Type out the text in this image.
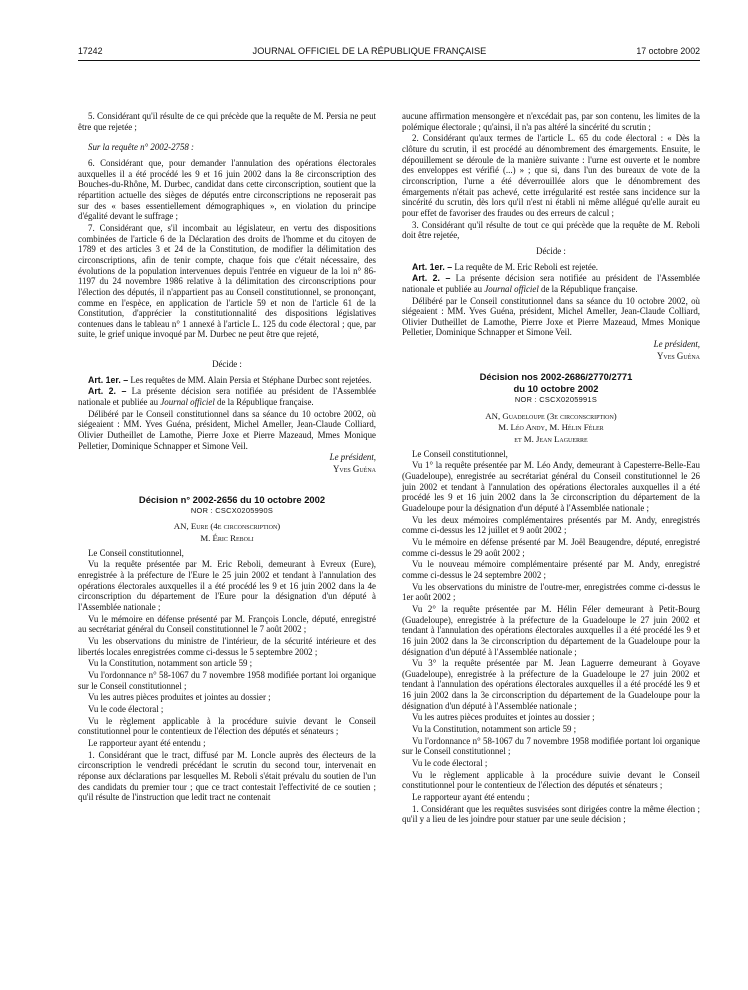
17242	JOURNAL OFFICIEL DE LA RÉPUBLIQUE FRANÇAISE	17 octobre 2002

5. Considérant qu'il résulte de ce qui précède que la requête de M. Persia ne peut être que rejetée ;

Sur la requête n° 2002-2758 :

6. Considérant que, pour demander l'annulation des opérations électorales auxquelles il a été procédé les 9 et 16 juin 2002 dans la 8e circonscription des Bouches-du-Rhône, M. Durbec, candidat dans cette circonscription, soutient que la répartition actuelle des sièges de députés entre circonscriptions ne reposerait pas sur des « bases essentiellement démographiques », en violation du principe d'égalité devant le suffrage ;

7. Considérant que, s'il incombait au législateur, en vertu des dispositions combinées de l'article 6 de la Déclaration des droits de l'homme et du citoyen de 1789 et des articles 3 et 24 de la Constitution, de modifier la délimitation des circonscriptions, afin de tenir compte, chaque fois que c'était nécessaire, des évolutions de la population intervenues depuis l'entrée en vigueur de la loi n° 86-1197 du 24 novembre 1986 relative à la délimitation des circonscriptions pour l'élection des députés, il n'appartient pas au Conseil constitutionnel, se prononçant, comme en l'espèce, en application de l'article 59 et non de l'article 61 de la Constitution, d'apprécier la constitutionnalité des dispositions législatives contenues dans le tableau n° 1 annexé à l'article L. 125 du code électoral ; que, par suite, le grief unique invoqué par M. Durbec ne peut être que rejeté,

Décide :

Art. 1er. – Les requêtes de MM. Alain Persia et Stéphane Durbec sont rejetées.

Art. 2. – La présente décision sera notifiée au président de l'Assemblée nationale et publiée au Journal officiel de la République française.

Délibéré par le Conseil constitutionnel dans sa séance du 10 octobre 2002, où siégeaient : MM. Yves Guéna, président, Michel Ameller, Jean-Claude Colliard, Olivier Dutheillet de Lamothe, Pierre Joxe et Pierre Mazeaud, Mmes Monique Pelletier, Dominique Schnapper et Simone Veil.

Le président,

Yves Guéna

Décision n° 2002-2656 du 10 octobre 2002

NOR : CSCX0205990S

AN, Eure (4e circonscription)

M. Éric Reboli

Le Conseil constitutionnel,

Vu la requête présentée par M. Eric Reboli, demeurant à Evreux (Eure), enregistrée à la préfecture de l'Eure le 25 juin 2002 et tendant à l'annulation des opérations électorales auxquelles il a été procédé les 9 et 16 juin 2002 dans la 4e circonscription du département de l'Eure pour la désignation d'un député à l'Assemblée nationale ;

Vu le mémoire en défense présenté par M. François Loncle, député, enregistré au secrétariat général du Conseil constitutionnel le 7 août 2002 ;

Vu les observations du ministre de l'intérieur, de la sécurité intérieure et des libertés locales enregistrées comme ci-dessus le 5 septembre 2002 ;

Vu la Constitution, notamment son article 59 ;

Vu l'ordonnance n° 58-1067 du 7 novembre 1958 modifiée portant loi organique sur le Conseil constitutionnel ;

Vu les autres pièces produites et jointes au dossier ;

Vu le code électoral ;

Vu le règlement applicable à la procédure suivie devant le Conseil constitutionnel pour le contentieux de l'élection des députés et sénateurs ;

Le rapporteur ayant été entendu ;

1. Considérant que le tract, diffusé par M. Loncle auprès des électeurs de la circonscription le vendredi précédant le scrutin du second tour, intervenait en réponse aux déclarations par lesquelles M. Reboli s'était prévalu du soutien de l'un des candidats du premier tour ; que ce tract contestait l'effectivité de ce soutien ; qu'il résulte de l'instruction que ledit tract ne contenait

aucune affirmation mensongère et n'excédait pas, par son contenu, les limites de la polémique électorale ; qu'ainsi, il n'a pas altéré la sincérité du scrutin ;

2. Considérant qu'aux termes de l'article L. 65 du code électoral : « Dès la clôture du scrutin, il est procédé au dénombrement des émargements. Ensuite, le dépouillement se déroule de la manière suivante : l'urne est ouverte et le nombre des enveloppes est vérifié (...) » ; que si, dans l'un des bureaux de vote de la circonscription, l'urne a été déverrouillée alors que le dénombrement des émargements n'était pas achevé, cette irrégularité est restée sans incidence sur la sincérité du scrutin, dès lors qu'il n'est ni établi ni même allégué qu'elle aurait eu pour effet de favoriser des fraudes ou des erreurs de calcul ;

3. Considérant qu'il résulte de tout ce qui précède que la requête de M. Reboli doit être rejetée,

Décide :

Art. 1er. – La requête de M. Eric Reboli est rejetée.

Art. 2. – La présente décision sera notifiée au président de l'Assemblée nationale et publiée au Journal officiel de la République française.

Délibéré par le Conseil constitutionnel dans sa séance du 10 octobre 2002, où siégeaient : MM. Yves Guéna, président, Michel Ameller, Jean-Claude Colliard, Olivier Dutheillet de Lamothe, Pierre Joxe et Pierre Mazeaud, Mmes Monique Pelletier, Dominique Schnapper et Simone Veil.

Le président,

Yves Guéna

Décision nos 2002-2686/2770/2771

du 10 octobre 2002

NOR : CSCX0205991S

AN, Guadeloupe (3e circonscription)

M. Léo Andy, M. Hélin Féler

et M. Jean Laguerre

Le Conseil constitutionnel,

Vu 1° la requête présentée par M. Léo Andy, demeurant à Capesterre-Belle-Eau (Guadeloupe), enregistrée au secrétariat général du Conseil constitutionnel le 26 juin 2002 et tendant à l'annulation des opérations électorales auxquelles il a été procédé les 9 et 16 juin 2002 dans la 3e circonscription du département de la Guadeloupe pour la désignation d'un député à l'Assemblée nationale ;

Vu les deux mémoires complémentaires présentés par M. Andy, enregistrés comme ci-dessus les 12 juillet et 9 août 2002 ;

Vu le mémoire en défense présenté par M. Joël Beaugendre, député, enregistré comme ci-dessus le 29 août 2002 ;

Vu le nouveau mémoire complémentaire présenté par M. Andy, enregistré comme ci-dessus le 24 septembre 2002 ;

Vu les observations du ministre de l'outre-mer, enregistrées comme ci-dessus le 1er août 2002 ;

Vu 2° la requête présentée par M. Hélin Féler demeurant à Petit-Bourg (Guadeloupe), enregistrée à la préfecture de la Guadeloupe le 27 juin 2002 et tendant à l'annulation des opérations électorales auxquelles il a été procédé les 9 et 16 juin 2002 dans la 3e circonscription du département de la Guadeloupe pour la désignation d'un député à l'Assemblée nationale ;

Vu 3° la requête présentée par M. Jean Laguerre demeurant à Goyave (Guadeloupe), enregistrée à la préfecture de la Guadeloupe le 27 juin 2002 et tendant à l'annulation des opérations électorales auxquelles il a été procédé les 9 et 16 juin 2002 dans la 3e circonscription du département de la Guadeloupe pour la désignation d'un député à l'Assemblée nationale ;

Vu les autres pièces produites et jointes au dossier ;

Vu la Constitution, notamment son article 59 ;

Vu l'ordonnance n° 58-1067 du 7 novembre 1958 modifiée portant loi organique sur le Conseil constitutionnel ;

Vu le code électoral ;

Vu le règlement applicable à la procédure suivie devant le Conseil constitutionnel pour le contentieux de l'élection des députés et sénateurs ;

Le rapporteur ayant été entendu ;

1. Considérant que les requêtes susvisées sont dirigées contre la même élection ; qu'il y a lieu de les joindre pour statuer par une seule décision ;
